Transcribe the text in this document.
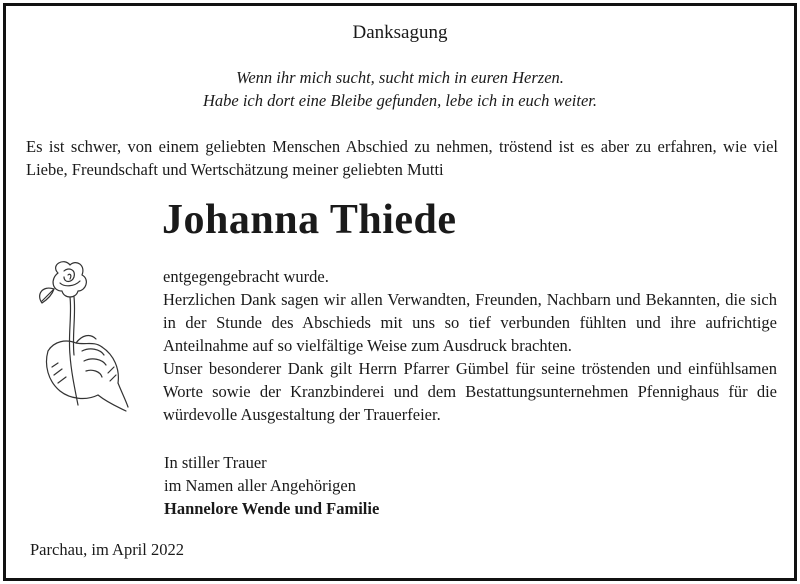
Danksagung
Wenn ihr mich sucht, sucht mich in euren Herzen.
Habe ich dort eine Bleibe gefunden, lebe ich in euch weiter.
Es ist schwer, von einem geliebten Menschen Abschied zu nehmen, tröstend ist es aber zu erfahren, wie viel Liebe, Freundschaft und Wertschätzung meiner geliebten Mutti
Johanna Thiede

entgegengebracht wurde.

Herzlichen Dank sagen wir allen Verwandten, Freunden, Nachbarn und Bekannten, die sich in der Stunde des Abschieds mit uns so tief verbunden fühlten und ihre aufrichtige Anteilnahme auf so vielfältige Weise zum Ausdruck brachten.

Unser besonderer Dank gilt Herrn Pfarrer Gümbel für seine tröstenden und einfühlsamen Worte sowie der Kranzbinderei und dem Bestattungsunternehmen Pfennighaus für die würdevolle Ausgestaltung der Trauerfeier.

In stiller Trauer
im Namen aller Angehörigen
Hannelore Wende und Familie
Parchau, im April 2022
